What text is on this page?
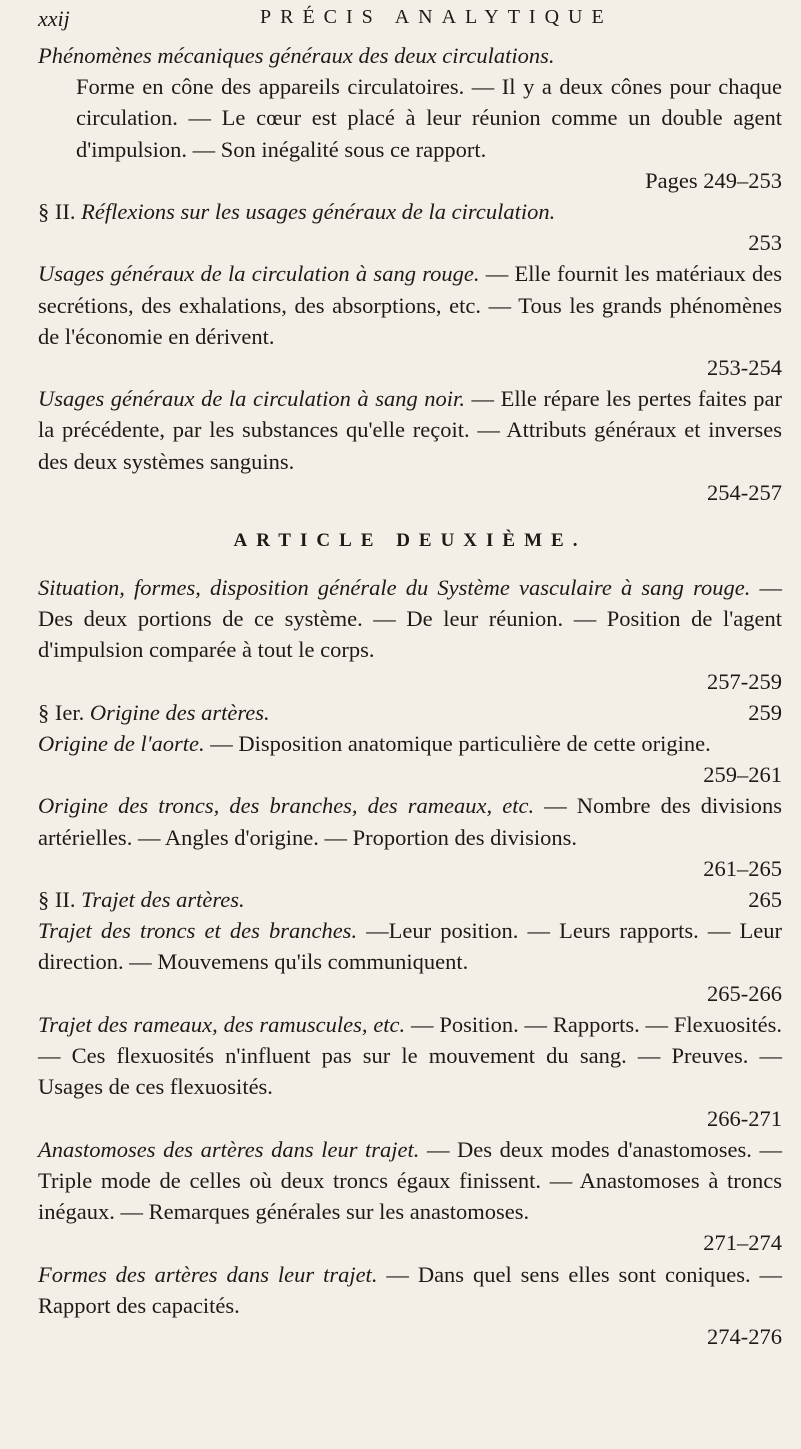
xxij	PRÉCIS ANALYTIQUE
Phénomènes mécaniques généraux des deux circulations.
Forme en cône des appareils circulatoires. — Il y a deux cônes pour chaque circulation. — Le cœur est placé à leur réunion comme un double agent d'impulsion. — Son inégalité sous ce rapport.
Pages 249–253
§ II. Réflexions sur les usages généraux de la circulation.
253
Usages généraux de la circulation à sang rouge. — Elle fournit les matériaux des secrétions, des exhalations, des absorptions, etc. — Tous les grands phénomènes de l'économie en dérivent.
253-254
Usages généraux de la circulation à sang noir. — Elle répare les pertes faites par la précédente, par les substances qu'elle reçoit. — Attributs généraux et inverses des deux systèmes sanguins.
254-257
ARTICLE DEUXIÈME.
Situation, formes, disposition générale du Système vasculaire à sang rouge. — Des deux portions de ce système. — De leur réunion. — Position de l'agent d'impulsion comparée à tout le corps.
257-259
§ Ier. Origine des artères.	259
Origine de l'aorte. — Disposition anatomique particulière de cette origine.
259–261
Origine des troncs, des branches, des rameaux, etc. — Nombre des divisions artérielles. — Angles d'origine. — Proportion des divisions.
261–265
§ II. Trajet des artères.	265
Trajet des troncs et des branches. —Leur position. — Leurs rapports. — Leur direction. — Mouvemens qu'ils communiquent.
265-266
Trajet des rameaux, des ramuscules, etc. — Position. — Rapports. — Flexuosités. — Ces flexuosités n'influent pas sur le mouvement du sang. — Preuves. — Usages de ces flexuosités.
266-271
Anastomoses des artères dans leur trajet. — Des deux modes d'anastomoses. — Triple mode de celles où deux troncs égaux finissent. — Anastomoses à troncs inégaux. — Remarques générales sur les anastomoses.
271–274
Formes des artères dans leur trajet. — Dans quel sens elles sont coniques. — Rapport des capacités.
274-276
